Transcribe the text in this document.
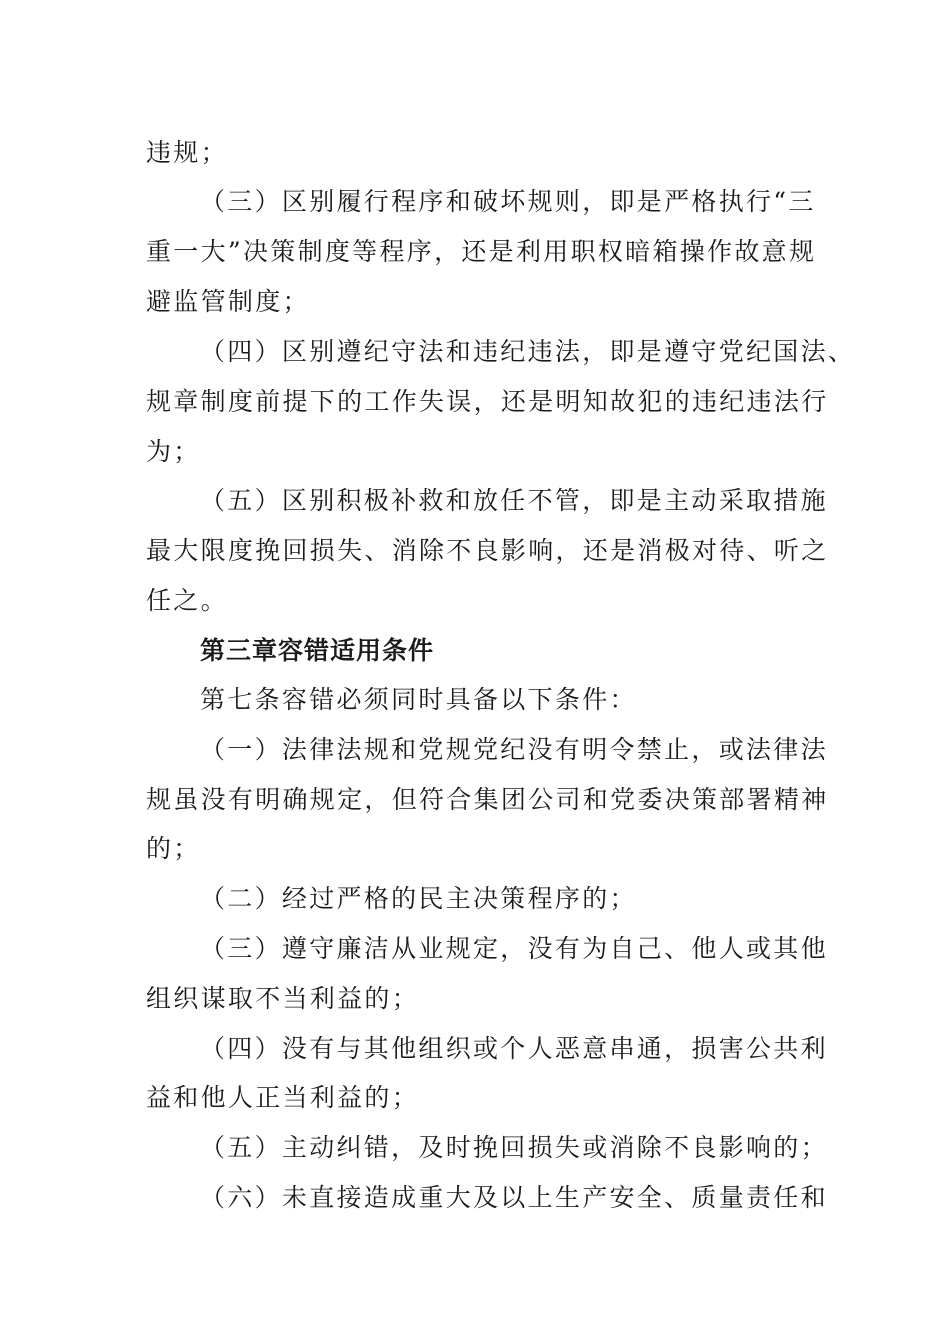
违规；
（三）区别履行程序和破坏规则，即是严格执行“三
重一大”决策制度等程序，还是利用职权暗箱操作故意规
避监管制度；
（四）区别遵纪守法和违纪违法，即是遵守党纪国法、
规章制度前提下的工作失误，还是明知故犯的违纪违法行
为；
（五）区别积极补救和放任不管，即是主动采取措施
最大限度挽回损失、消除不良影响，还是消极对待、听之
任之。
第三章容错适用条件
第七条容错必须同时具备以下条件：
（一）法律法规和党规党纪没有明令禁止，或法律法
规虽没有明确规定，但符合集团公司和党委决策部署精神
的；
（二）经过严格的民主决策程序的；
（三）遵守廉洁从业规定，没有为自己、他人或其他
组织谋取不当利益的；
（四）没有与其他组织或个人恶意串通，损害公共利
益和他人正当利益的；
（五）主动纠错，及时挽回损失或消除不良影响的；
（六）未直接造成重大及以上生产安全、质量责任和
